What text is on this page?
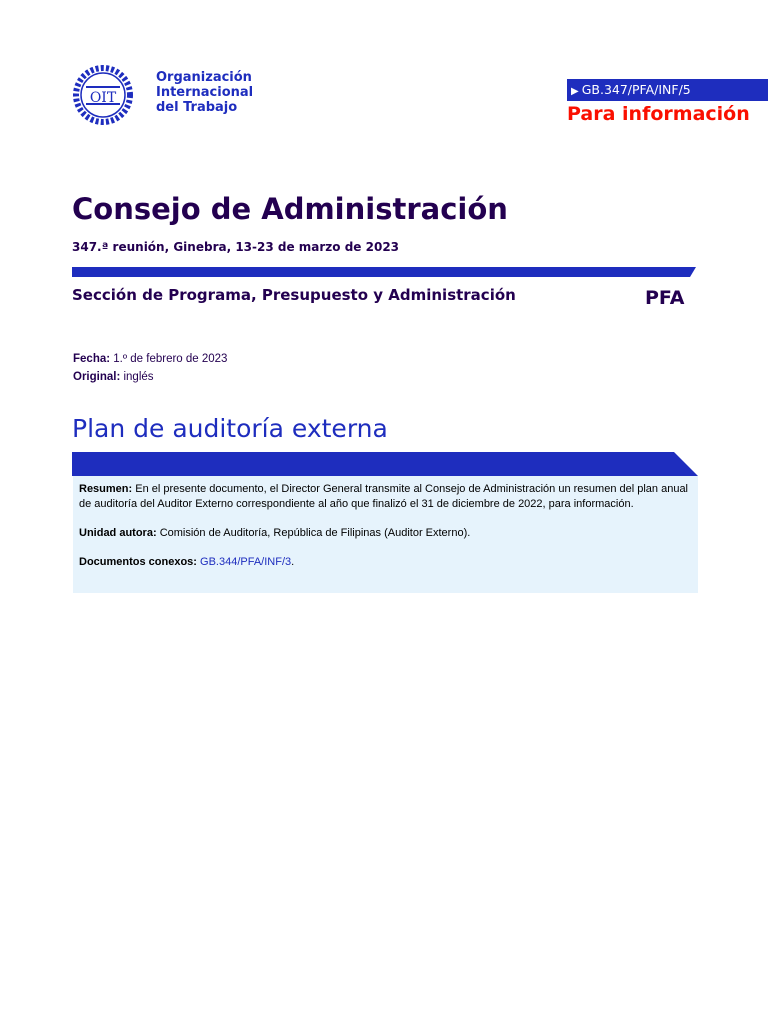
OIT
Organización
Internacional
del Trabajo
▶ GB.347/PFA/INF/5
Para información
Consejo de Administración
347.ª reunión, Ginebra, 13-23 de marzo de 2023
Sección de Programa, Presupuesto y Administración	PFA
Fecha: 1.º de febrero de 2023
Original: inglés
Plan de auditoría externa

Resumen: En el presente documento, el Director General transmite al Consejo de Administración un resumen del plan anual de auditoría del Auditor Externo correspondiente al año que finalizó el 31 de diciembre de 2022, para información.

Unidad autora: Comisión de Auditoría, República de Filipinas (Auditor Externo).

Documentos conexos: GB.344/PFA/INF/3.
